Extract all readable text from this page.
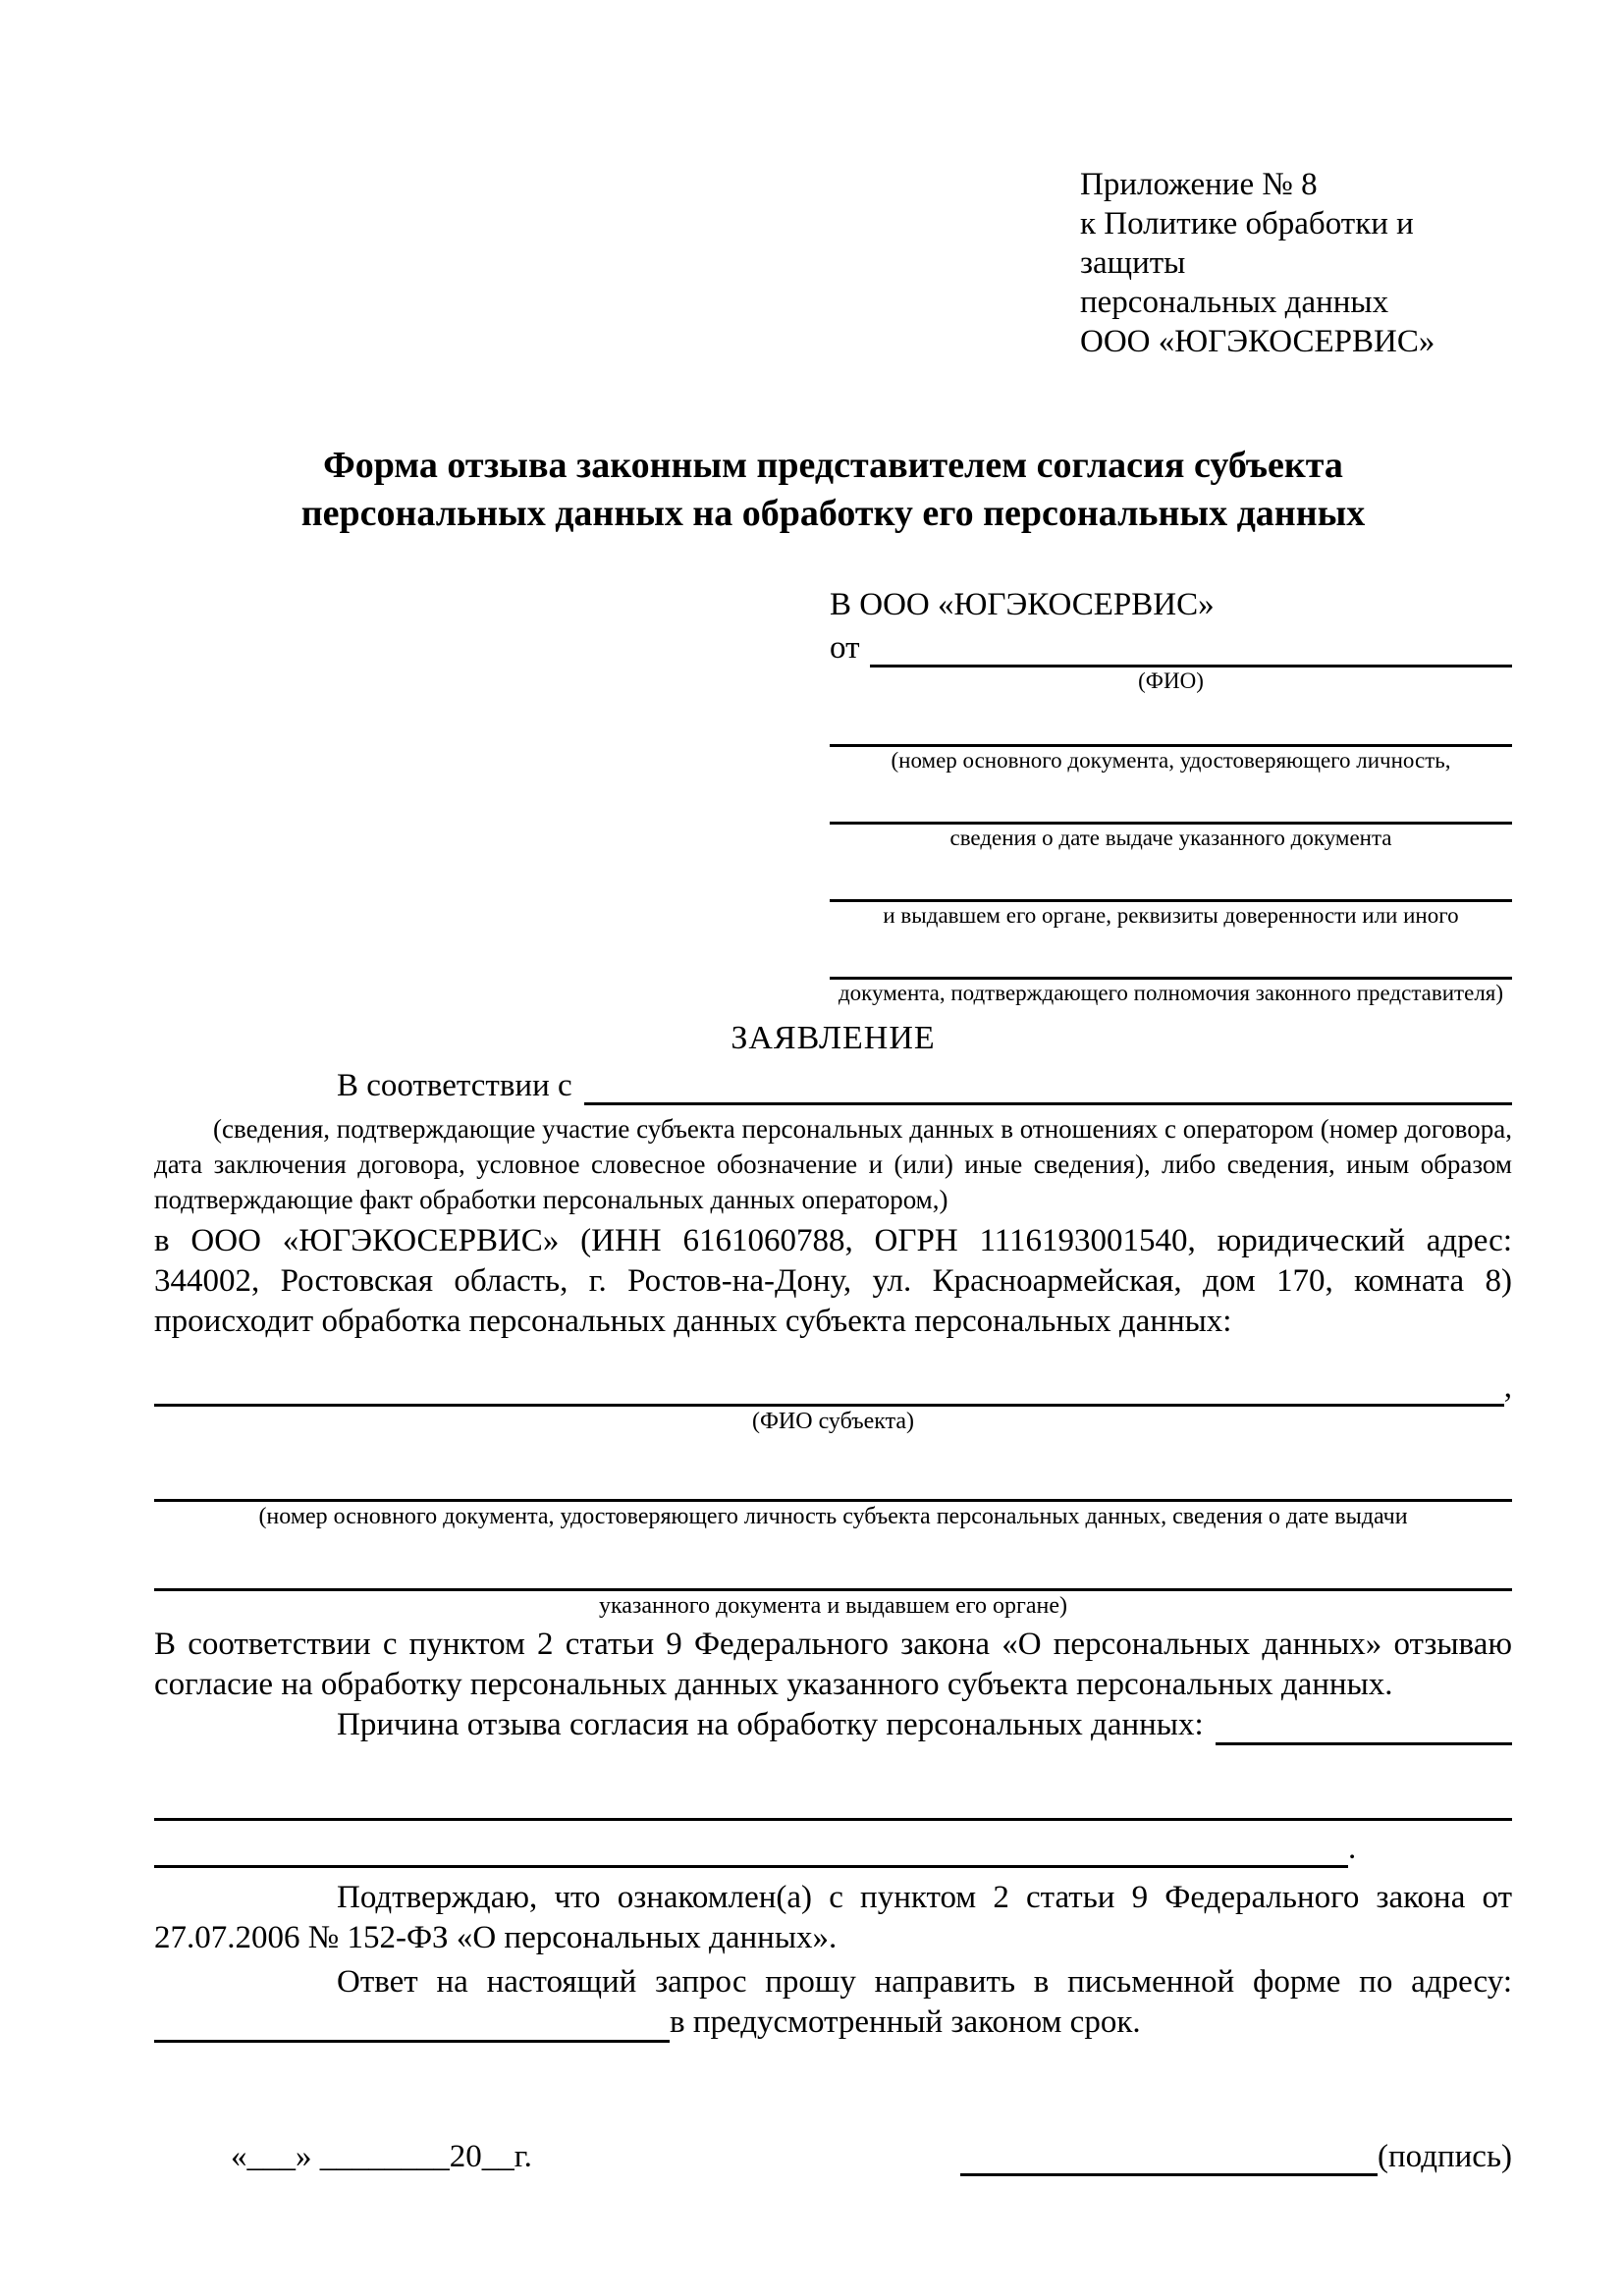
Приложение № 8
к Политике обработки и защиты
персональных данных
ООО «ЮГЭКОСЕРВИС»
Форма отзыва законным представителем согласия субъекта персональных данных на обработку его персональных данных
В ООО «ЮГЭКОСЕРВИС»
от
(ФИО)
(номер основного документа, удостоверяющего личность,
сведения о дате выдаче указанного документа
и выдавшем его органе, реквизиты доверенности или иного
документа, подтверждающего полномочия законного представителя)
ЗАЯВЛЕНИЕ
В соответствии с

(сведения, подтверждающие участие субъекта персональных данных в отношениях с оператором (номер договора, дата заключения договора, условное словесное обозначение и (или) иные сведения), либо сведения, иным образом подтверждающие факт обработки персональных данных оператором,)

в ООО «ЮГЭКОСЕРВИС» (ИНН 6161060788, ОГРН 1116193001540, юридический адрес: 344002, Ростовская область, г. Ростов-на-Дону, ул. Красноармейская, дом 170, комната 8) происходит обработка персональных данных субъекта персональных данных:

,
(ФИО субъекта)
(номер основного документа, удостоверяющего личность субъекта персональных данных, сведения о дате выдачи
указанного документа и выдавшем его органе)

В соответствии с пунктом 2 статьи 9 Федерального закона «О персональных данных» отзываю согласие на обработку персональных данных указанного субъекта персональных данных.

Причина отзыва согласия на обработку персональных данных:
.

Подтверждаю, что ознакомлен(а) с пунктом 2 статьи 9 Федерального закона от 27.07.2006 № 152-ФЗ «О персональных данных».

Ответ на настоящий запрос прошу направить в письменной форме по адресу:

в предусмотренный законом срок.
«___» ________20__г.	(подпись)
